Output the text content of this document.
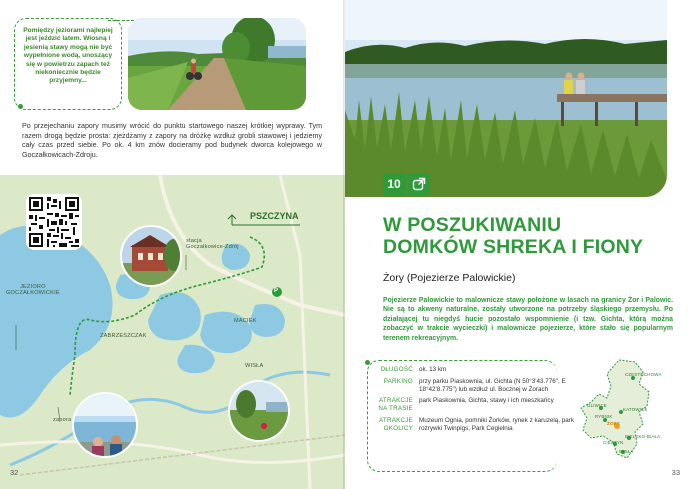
Pomiędzy jeziorami najlepiej jest jeździć latem. Wiosną i jesienią stawy mogą nie być wypełnione wodą, unoszący się w powietrzu zapach też niekoniecznie będzie przyjemny...

Po przejechaniu zapory musimy wrócić do punktu startowego naszej krótkiej wyprawy. Tym razem drogą będzie prosta: zjeżdżamy z zapory na dróżkę wzdłuż grobli stawowej i jedziemy cały czas przed siebie. Po ok. 4 km znów docieramy pod budynek dworca kolejowego w Goczałkowicach-Zdroju.

PSZCZYNA
stacja
Goczałkowice-Zdrój
JEZIORO
GOCZAŁKOWICKIE
ZABRZESZCZAK
MACIEK
WISŁA
zapora
P
32
10
W POSZUKIWANIU
DOMKÓW SHREKA I FIONY
Żory (Pojezierze Palowickie)

Pojezierze Palowickie to malownicze stawy położone w lasach na granicy Żor i Palowic. Nie są to akweny naturalne, zostały utworzone na potrzeby śląskiego przemysłu. Po działającej tu niegdyś hucie pozostało wspomnienie (i tzw. Gichta, którą można zobaczyć w trakcie wycieczki) i malownicze pojezierze, które stało się popularnym terenem rekreacyjnym.

DŁUGOŚĆ ok. 13 km
PARKING przy parku Piaskownia, ul. Gichta (N 50°3'43.776", E 18°42'8.775") lub wzdłuż ul. Bocznej w Żorach
ATRAKCJE NA TRASIE
park Piaskownia, Gichta, stawy i ich mieszkańcy
ATRAKCJE OKOLICY
Muzeum Ognia, pomniki Żorków, rynek z karuzelą, park rozrywki Twinpigs, Park Cegielnia
CZĘSTOCHOWA
KATOWICE
GLIWICE
RYBNIK
ŻORY
BIELSKO-BIAŁA
CIESZYN
WISŁA
33
